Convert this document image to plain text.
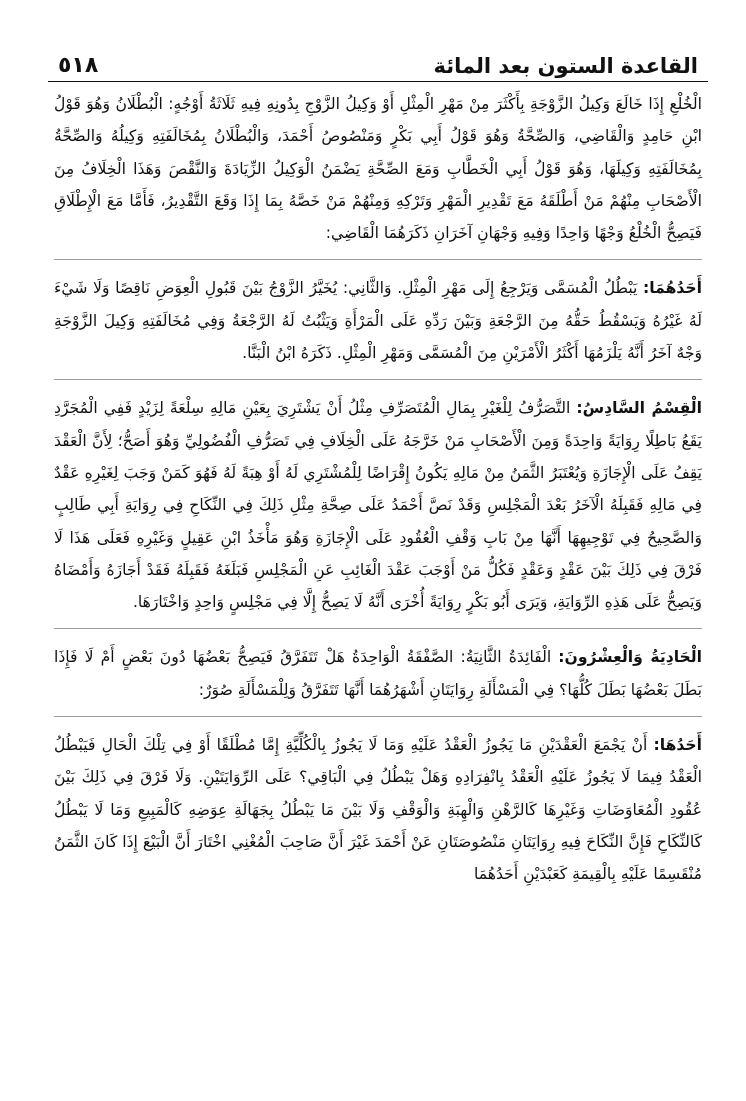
القاعدة الستون بعد المائة
٥١٨

الْخُلْعِ إِذَا خَالَعَ وَكِيلُ الزَّوْجَةِ بِأَكْثَرَ مِنْ مَهْرِ الْمِثْلِ أَوْ وَكِيلُ الزَّوْجِ بِدُونِهِ فِيهِ ثَلَاثَةُ أَوْجُهٍ: الْبُطْلَانُ وَهُوَ قَوْلُ ابْنِ حَامِدٍ وَالْقَاضِي، وَالصِّحَّةُ وَهُوَ قَوْلُ أَبِي بَكْرٍ وَمَنْصُوصُ أَحْمَدَ، وَالْبُطْلَانُ بِمُخَالَفَتِهِ وَكِيلُهُ وَالصِّحَّةُ بِمُخَالَفَتِهِ وَكِيلَهَا، وَهُوَ قَوْلُ أَبِي الْخَطَّابِ وَمَعَ الصِّحَّةِ يَضْمَنُ الْوَكِيلُ الزِّيَادَةَ وَالنَّقْصَ وَهَذَا الْخِلَافُ مِنَ الْأَصْحَابِ مِنْهُمْ مَنْ أَطْلَقَهُ مَعَ تَقْدِيرِ الْمَهْرِ وَتَرْكِهِ وَمِنْهُمْ مَنْ خَصَّهُ بِمَا إِذَا وَقَعَ التَّقْدِيرُ، فَأَمَّا مَعَ الْإِطْلَاقِ فَيَصِحُّ الْخُلْعُ وَجْهًا وَاحِدًا وَفِيهِ وَجْهَانِ آخَرَانِ ذَكَرَهُمَا الْقَاضِي:

أَحَدُهُمَا: يَبْطُلُ الْمُسَمَّى وَيَرْجِعُ إِلَى مَهْرِ الْمِثْلِ. وَالثَّانِي: يُخَيَّرُ الزَّوْجُ بَيْنَ قَبُولِ الْعِوَضِ نَاقِصًا وَلَا شَيْءَ لَهُ غَيْرُهُ وَيَسْقُطُ حَقُّهُ مِنَ الرَّجْعَةِ وَبَيْنَ رَدِّهِ عَلَى الْمَرْأَةِ وَيَثْبُتُ لَهُ الرَّجْعَةُ وَفِي مُخَالَفَتِهِ وَكِيلَ الزَّوْجَةِ وَجْهٌ آخَرُ أَنَّهُ يَلْزَمُهَا أَكْثَرُ الْأَمْرَيْنِ مِنَ الْمُسَمَّى وَمَهْرِ الْمِثْلِ. ذَكَرَهُ ابْنُ الْبَنَّا.

الْقِسْمُ السَّادِسُ: التَّصَرُّفُ لِلْغَيْرِ بِمَالِ الْمُتَصَرِّفِ مِثْلُ أَنْ يَشْتَرِيَ بِعَيْنِ مَالِهِ سِلْعَةً لِزَيْدٍ فَفِي الْمُجَرَّدِ يَقَعُ بَاطِلًا رِوَايَةً وَاحِدَةً وَمِنَ الْأَصْحَابِ مَنْ خَرَّجَهُ عَلَى الْخِلَافِ فِي تَصَرُّفِ الْفُضُولِيِّ وَهُوَ أَصَحُّ؛ لِأَنَّ الْعَقْدَ يَقِفُ عَلَى الْإِجَازَةِ وَيُعْتَبَرُ الثَّمَنُ مِنْ مَالِهِ يَكُونُ إِقْرَاضًا لِلْمُشْتَرِي لَهُ أَوْ هِبَةً لَهُ فَهُوَ كَمَنْ وَجَبَ لِغَيْرِهِ عَقْدٌ فِي مَالِهِ فَقَبِلَهُ الْآخَرُ بَعْدَ الْمَجْلِسِ وَقَدْ نَصَّ أَحْمَدُ عَلَى صِحَّةِ مِثْلِ ذَلِكَ فِي النِّكَاحِ فِي رِوَايَةِ أَبِي طَالِبٍ وَالصَّحِيحُ فِي تَوْجِيهِهَا أَنَّهَا مِنْ بَابِ وَقْفِ الْعُقُودِ عَلَى الْإِجَازَةِ وَهُوَ مَأْخَذُ ابْنِ عَقِيلٍ وَغَيْرِهِ فَعَلَى هَذَا لَا فَرْقَ فِي ذَلِكَ بَيْنَ عَقْدٍ وَعَقْدٍ فَكُلُّ مَنْ أَوْجَبَ عَقْدَ الْغَائِبِ عَنِ الْمَجْلِسِ فَبَلَغَهُ فَقَبِلَهُ فَقَدْ أَجَازَهُ وَأَمْضَاهُ وَيَصِحُّ عَلَى هَذِهِ الرِّوَايَةِ، وَيَرَى أَبُو بَكْرٍ رِوَايَةً أُخْرَى أَنَّهُ لَا يَصِحُّ إِلَّا فِي مَجْلِسٍ وَاحِدٍ وَاخْتَارَهَا.

الْحَادِيَةُ وَالْعِشْرُونَ: الْفَائِدَةُ الثَّانِيَةُ: الصَّفْقَةُ الْوَاحِدَةُ هَلْ تَتَفَرَّقُ فَيَصِحُّ بَعْضُهَا دُونَ بَعْضٍ أَمْ لَا فَإِذَا بَطَلَ بَعْضُهَا بَطَلَ كُلُّهَا؟ فِي الْمَسْأَلَةِ رِوَايَتَانِ أَشْهَرُهُمَا أَنَّهَا تَتَفَرَّقُ وَلِلْمَسْأَلَةِ صُوَرٌ:

أَحَدُهَا: أَنْ يَجْمَعَ الْعَقْدَيْنِ مَا يَجُوزُ الْعَقْدُ عَلَيْهِ وَمَا لَا يَجُوزُ بِالْكُلِّيَّةِ إِمَّا مُطْلَقًا أَوْ فِي تِلْكَ الْحَالِ فَيَبْطُلُ الْعَقْدُ فِيمَا لَا يَجُوزُ عَلَيْهِ الْعَقْدُ بِانْفِرَادِهِ وَهَلْ يَبْطُلُ فِي الْبَاقِي؟ عَلَى الرِّوَايَتَيْنِ. وَلَا فَرْقَ فِي ذَلِكَ بَيْنَ عُقُودِ الْمُعَاوَضَاتِ وَغَيْرِهَا كَالرَّهْنِ وَالْهِبَةِ وَالْوَقْفِ وَلَا بَيْنَ مَا يَبْطُلُ بِجَهَالَةِ عِوَضِهِ كَالْمَبِيعِ وَمَا لَا يَبْطُلُ كَالنِّكَاحِ فَإِنَّ النِّكَاحَ فِيهِ رِوَايَتَانِ مَنْصُوصَتَانِ عَنْ أَحْمَدَ غَيْرَ أَنَّ صَاحِبَ الْمُغْنِي اخْتَارَ أَنَّ الْبَيْعَ إِذَا كَانَ الثَّمَنُ مُنْقَسِمًا عَلَيْهِ بِالْقِيمَةِ كَعَبْدَيْنِ أَحَدُهُمَا
